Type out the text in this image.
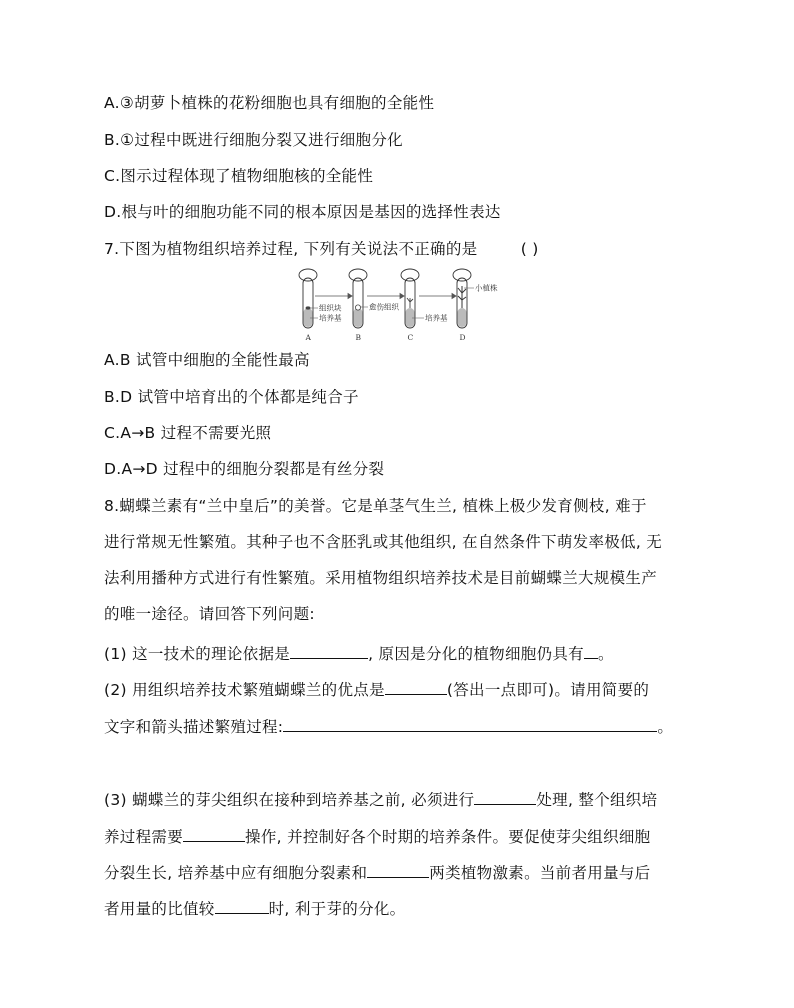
A.③胡萝卜植株的花粉细胞也具有细胞的全能性
B.①过程中既进行细胞分裂又进行细胞分化
C.图示过程体现了植物细胞核的全能性
D.根与叶的细胞功能不同的根本原因是基因的选择性表达
7.下图为植物组织培养过程, 下列有关说法不正确的是	( )
组织块
培养基
愈伤组织
培养基
小植株
A	B	C	D
A.B 试管中细胞的全能性最高
B.D 试管中培育出的个体都是纯合子
C.A→B 过程不需要光照
D.A→D 过程中的细胞分裂都是有丝分裂
8.蝴蝶兰素有“兰中皇后”的美誉。它是单茎气生兰, 植株上极少发育侧枝, 难于
进行常规无性繁殖。其种子也不含胚乳或其他组织, 在自然条件下萌发率极低, 无
法利用播种方式进行有性繁殖。采用植物组织培养技术是目前蝴蝶兰大规模生产
的唯一途径。请回答下列问题:
(1) 这一技术的理论依据是	, 原因是分化的植物细胞仍具有 。
(2) 用组织培养技术繁殖蝴蝶兰的优点是	(答出一点即可)。请用简要的
文字和箭头描述繁殖过程:	。
(3) 蝴蝶兰的芽尖组织在接种到培养基之前, 必须进行	处理, 整个组织培
养过程需要	操作, 并控制好各个时期的培养条件。要促使芽尖组织细胞
分裂生长, 培养基中应有细胞分裂素和	两类植物激素。当前者用量与后
者用量的比值较	时, 利于芽的分化。
